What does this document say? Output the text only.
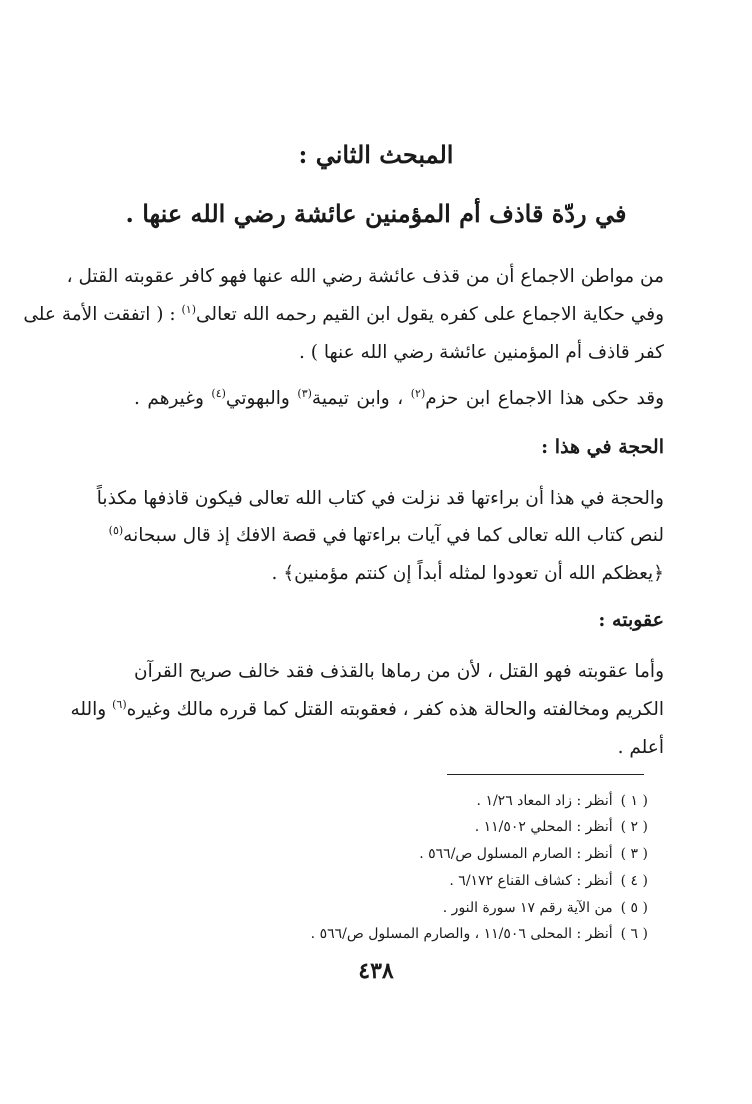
المبحث الثاني :
في ردّة قاذف أم المؤمنين عائشة رضي الله عنها .
من مواطن الاجماع أن من قذف عائشة رضي الله عنها فهو كافر عقوبته القتل ،
وفي حكاية الاجماع على كفره يقول ابن القيم رحمه الله تعالى$^{(١)}$ : ( اتفقت الأمة على
كفر قاذف أم المؤمنين عائشة رضي الله عنها ) .
وقد حكى هذا الاجماع ابن حزم$^{(٢)}$ ، وابن تيمية$^{(٣)}$ والبهوتي$^{(٤)}$ وغيرهم .
الحجة في هذا :
والحجة في هذا أن براءتها قد نزلت في كتاب الله تعالى فيكون قاذفها مكذباً
لنص كتاب الله تعالى كما في آيات براءتها في قصة الافك إذ قال سبحانه$^{(٥)}$
﴿يعظكم الله أن تعودوا لمثله أبداً إن كنتم مؤمنين﴾ .
عقوبته :
وأما عقوبته فهو القتل ، لأن من رماها بالقذف فقد خالف صريح القرآن
الكريم ومخالفته والحالة هذه كفر ، فعقوبته القتل كما قرره مالك وغيره$^{(٦)}$ والله
أعلم .
( ١ )أنظر : زاد المعاد ١/٢٦ .
( ٢ )أنظر : المحلي ١١/٥٠٢ .
( ٣ )أنظر : الصارم المسلول ص/٥٦٦ .
( ٤ )أنظر : كشاف القناع ٦/١٧٢ .
( ٥ )من الآية رقم ١٧ سورة النور .
( ٦ )أنظر : المحلى ١١/٥٠٦ ، والصارم المسلول ص/٥٦٦ .
٤٣٨
